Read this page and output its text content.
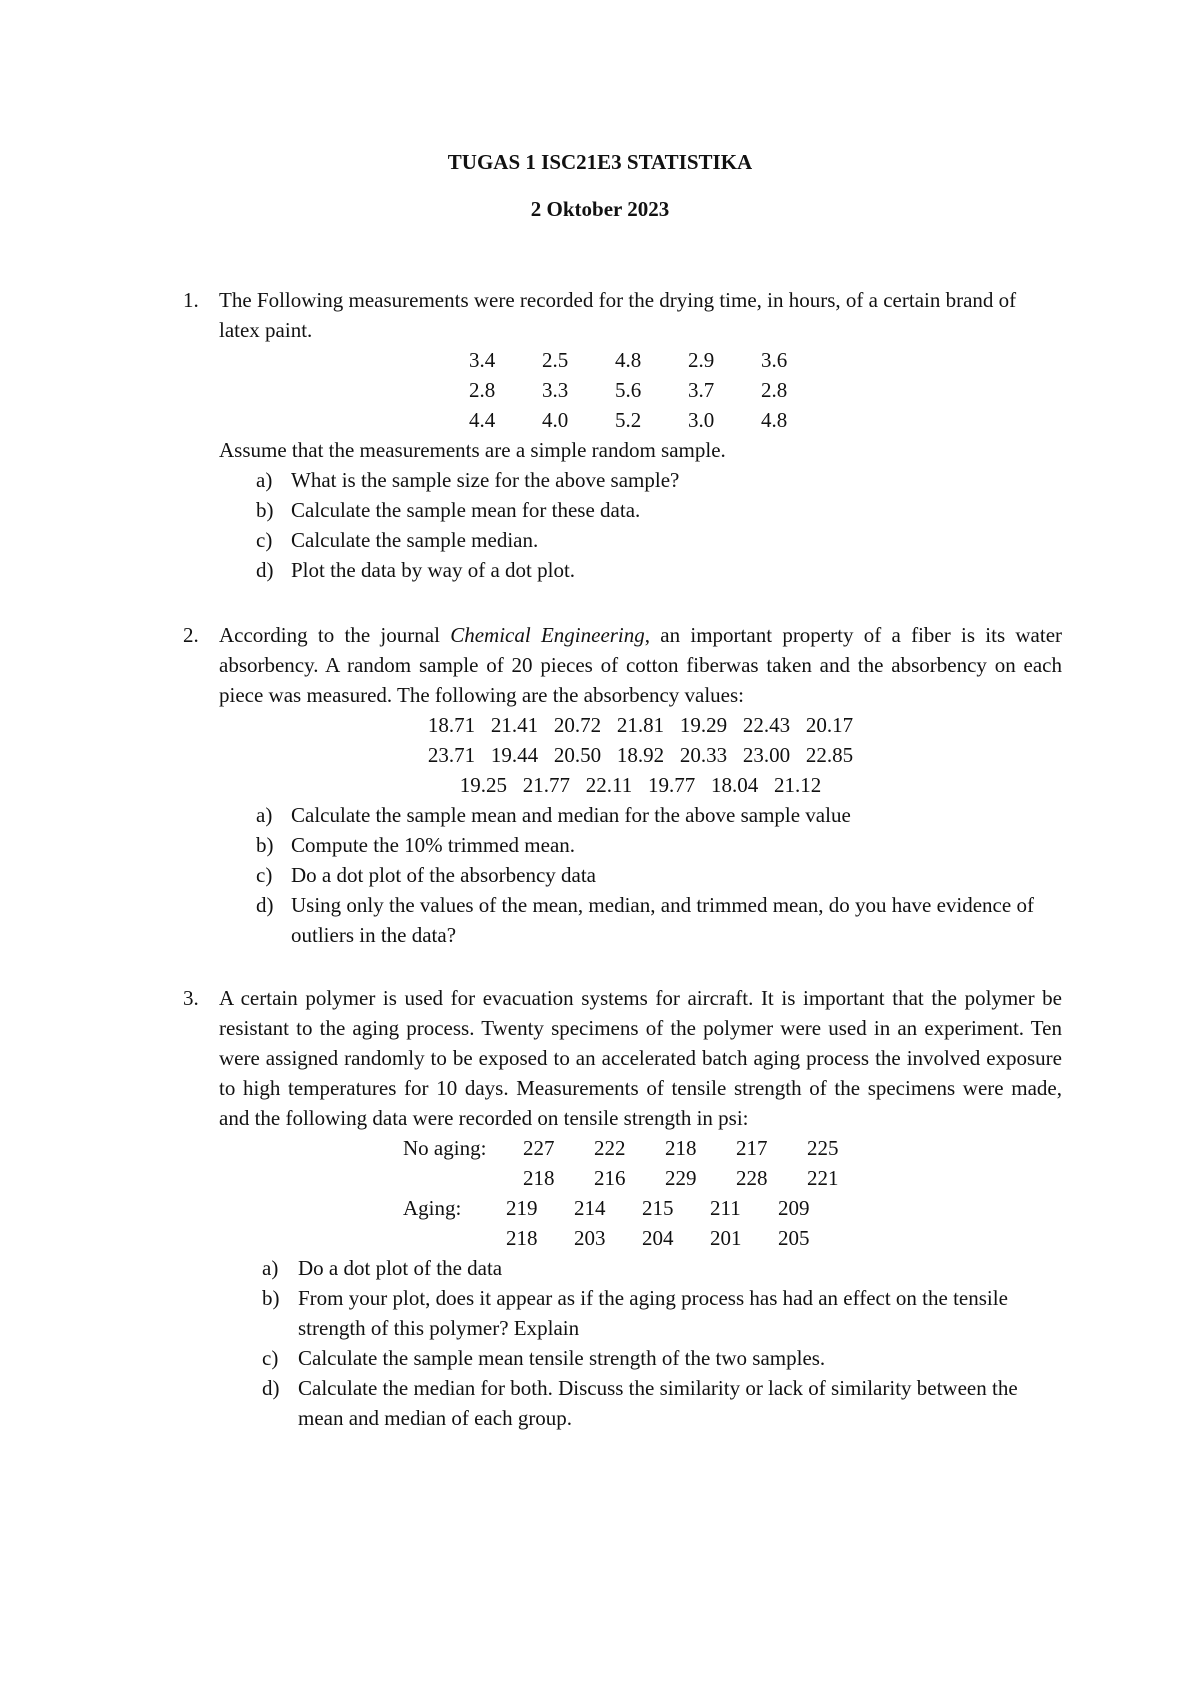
TUGAS 1 ISC21E3 STATISTIKA
2 Oktober 2023
1. The Following measurements were recorded for the drying time, in hours, of a certain brand of latex paint.
3.4	2.5	4.8	2.9	3.6
2.8	3.3	5.6	3.7	2.8
4.4	4.0	5.2	3.0	4.8
Assume that the measurements are a simple random sample.
a) What is the sample size for the above sample?
b) Calculate the sample mean for these data.
c) Calculate the sample median.
d) Plot the data by way of a dot plot.
2. According to the journal Chemical Engineering, an important property of a fiber is its water absorbency. A random sample of 20 pieces of cotton fiberwas taken and the absorbency on each piece was measured. The following are the absorbency values:
18.71   21.41   20.72   21.81   19.29   22.43   20.17
23.71   19.44   20.50   18.92   20.33   23.00   22.85
19.25   21.77   22.11   19.77   18.04   21.12
a) Calculate the sample mean and median for the above sample value
b) Compute the 10% trimmed mean.
c) Do a dot plot of the absorbency data
d) Using only the values of the mean, median, and trimmed mean, do you have evidence of outliers in the data?
3. A certain polymer is used for evacuation systems for aircraft. It is important that the polymer be resistant to the aging process. Twenty specimens of the polymer were used in an experiment. Ten were assigned randomly to be exposed to an accelerated batch aging process the involved exposure to high temperatures for 10 days. Measurements of tensile strength of the specimens were made, and the following data were recorded on tensile strength in psi:
No aging:	227	222	218	217	225
	218	216	229	228	221
Aging:	219	214	215	211	209
	218	203	204	201	205
a) Do a dot plot of the data
b) From your plot, does it appear as if the aging process has had an effect on the tensile strength of this polymer? Explain
c) Calculate the sample mean tensile strength of the two samples.
d) Calculate the median for both. Discuss the similarity or lack of similarity between the mean and median of each group.
